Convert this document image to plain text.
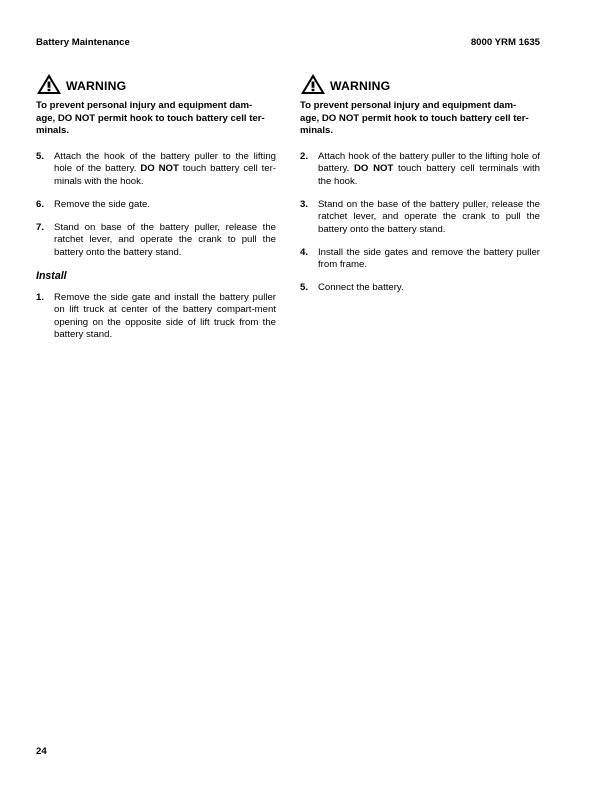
Battery Maintenance	8000 YRM 1635
WARNING
To prevent personal injury and equipment dam-
age, DO NOT permit hook to touch battery cell ter-
minals.
5.	Attach the hook of the battery puller to the lifting hole of the battery. DO NOT touch battery cell ter-minals with the hook.
6.	Remove the side gate.
7.	Stand on base of the battery puller, release the ratchet lever, and operate the crank to pull the battery onto the battery stand.
Install
1.	Remove the side gate and install the battery puller on lift truck at center of the battery compart-ment opening on the opposite side of lift truck from the battery stand.
WARNING
To prevent personal injury and equipment dam-
age, DO NOT permit hook to touch battery cell ter-
minals.
2.	Attach hook of the battery puller to the lifting hole of battery. DO NOT touch battery cell terminals with the hook.
3.	Stand on the base of the battery puller, release the ratchet lever, and operate the crank to pull the battery onto the battery stand.
4.	Install the side gates and remove the battery puller from frame.
5.	Connect the battery.
24
